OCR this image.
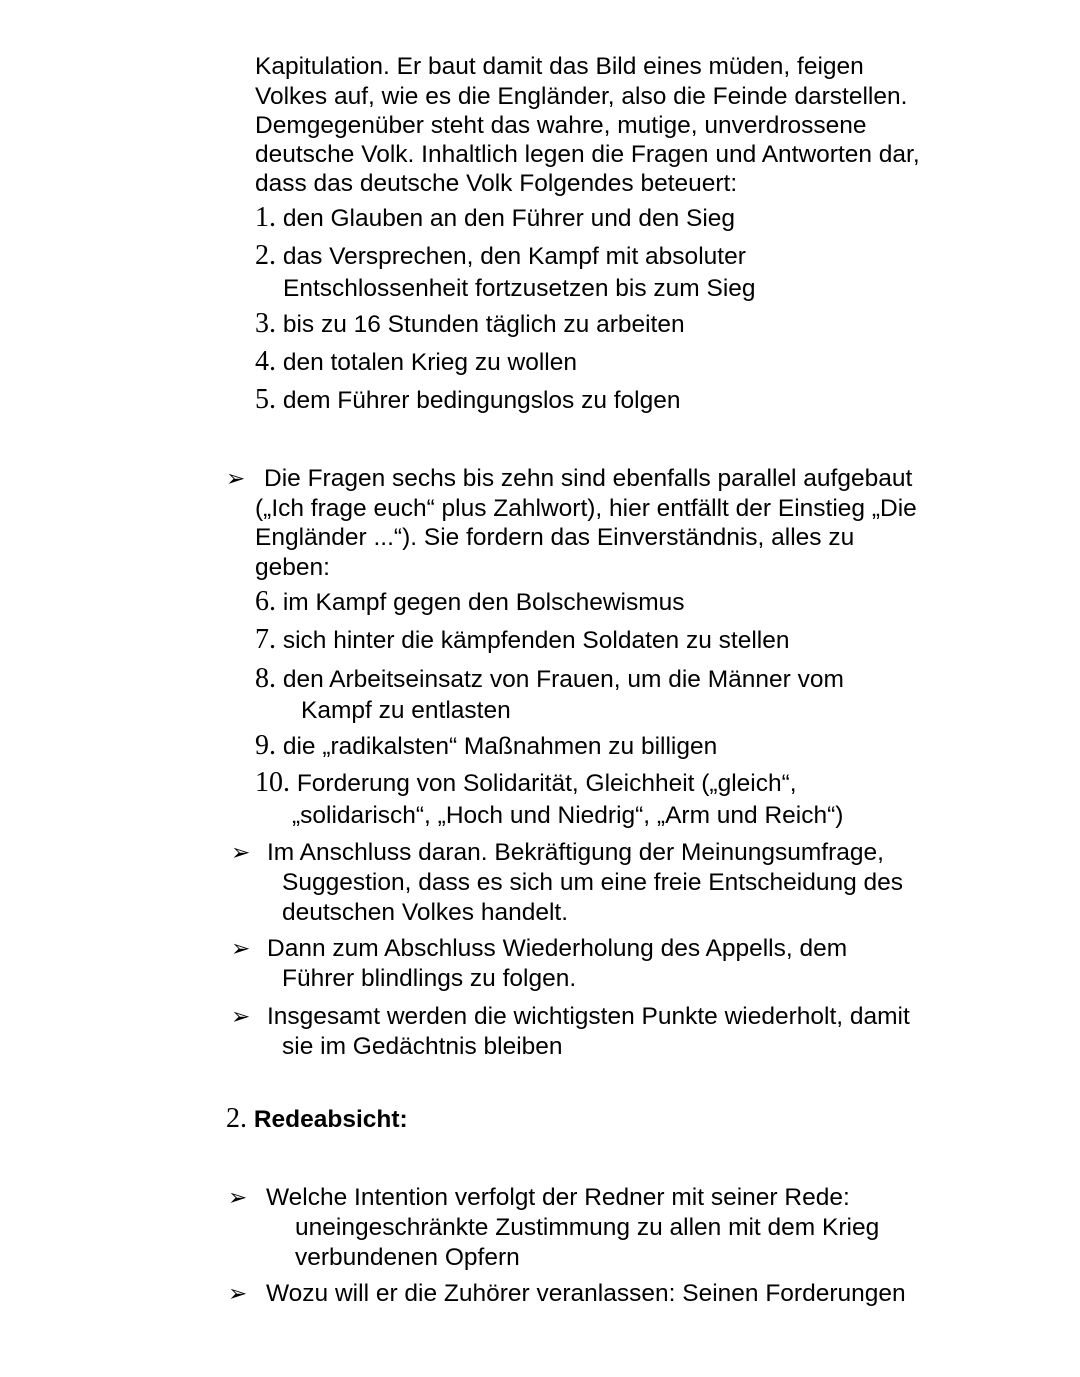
Kapitulation. Er baut damit das Bild eines müden, feigen
Volkes auf, wie es die Engländer, also die Feinde darstellen.
Demgegenüber steht das wahre, mutige, unverdrossene
deutsche Volk. Inhaltlich legen die Fragen und Antworten dar,
dass das deutsche Volk Folgendes beteuert:
1. den Glauben an den Führer und den Sieg
2. das Versprechen, den Kampf mit absoluter
Entschlossenheit fortzusetzen bis zum Sieg
3. bis zu 16 Stunden täglich zu arbeiten
4. den totalen Krieg zu wollen
5. dem Führer bedingungslos zu folgen
➢ Die Fragen sechs bis zehn sind ebenfalls parallel aufgebaut
(„Ich frage euch“ plus Zahlwort), hier entfällt der Einstieg „Die
Engländer ...“). Sie fordern das Einverständnis, alles zu
geben:
6. im Kampf gegen den Bolschewismus
7. sich hinter die kämpfenden Soldaten zu stellen
8. den Arbeitseinsatz von Frauen, um die Männer vom
Kampf zu entlasten
9. die „radikalsten“ Maßnahmen zu billigen
10. Forderung von Solidarität, Gleichheit („gleich“,
„solidarisch“, „Hoch und Niedrig“, „Arm und Reich“)
➢ Im Anschluss daran. Bekräftigung der Meinungsumfrage,
Suggestion, dass es sich um eine freie Entscheidung des
deutschen Volkes handelt.
➢ Dann zum Abschluss Wiederholung des Appells, dem
Führer blindlings zu folgen.
➢ Insgesamt werden die wichtigsten Punkte wiederholt, damit
sie im Gedächtnis bleiben
2. Redeabsicht:
➢ Welche Intention verfolgt der Redner mit seiner Rede:
uneingeschränkte Zustimmung zu allen mit dem Krieg
verbundenen Opfern
➢ Wozu will er die Zuhörer veranlassen: Seinen Forderungen
